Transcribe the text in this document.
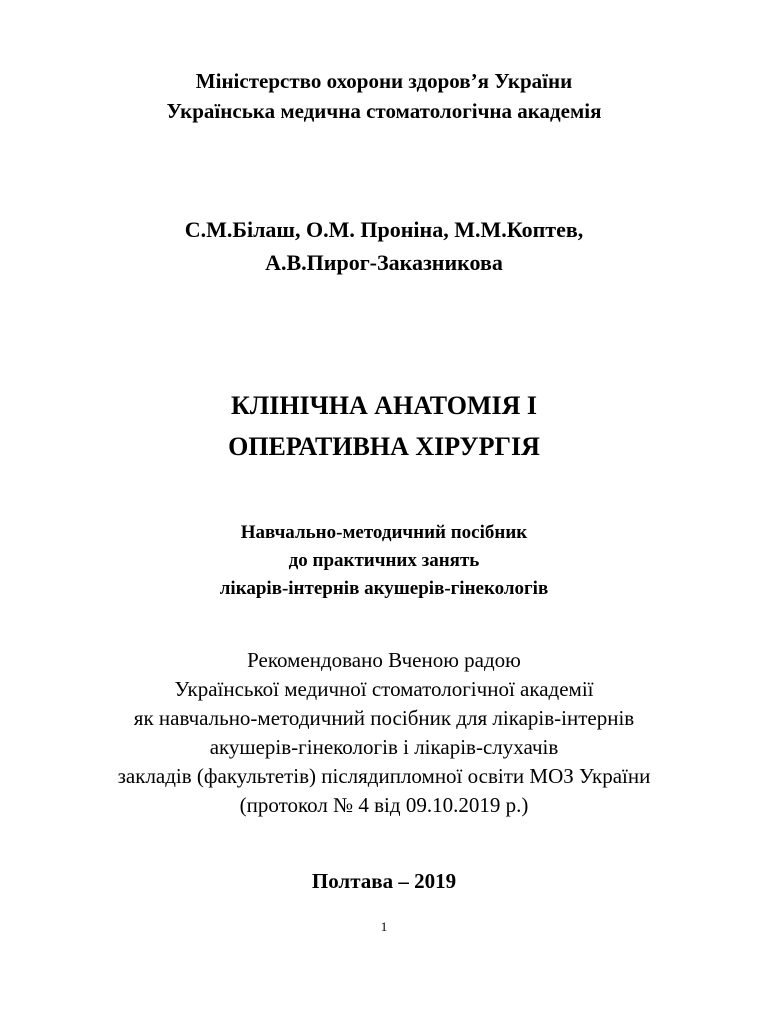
Міністерство охорони здоров’я України
Українська медична стоматологічна академія
С.М.Білаш, О.М. Проніна, М.М.Коптев,
А.В.Пирог-Заказникова
КЛІНІЧНА АНАТОМІЯ І
ОПЕРАТИВНА ХІРУРГІЯ
Навчально-методичний посібник
до практичних занять
лікарів-інтернів акушерів-гінекологів
Рекомендовано Вченою радою
Української медичної стоматологічної академії
як навчально-методичний посібник для лікарів-інтернів
акушерів-гінекологів і лікарів-слухачів
закладів (факультетів) післядипломної освіти МОЗ України
(протокол № 4 від 09.10.2019 р.)
Полтава – 2019
1
